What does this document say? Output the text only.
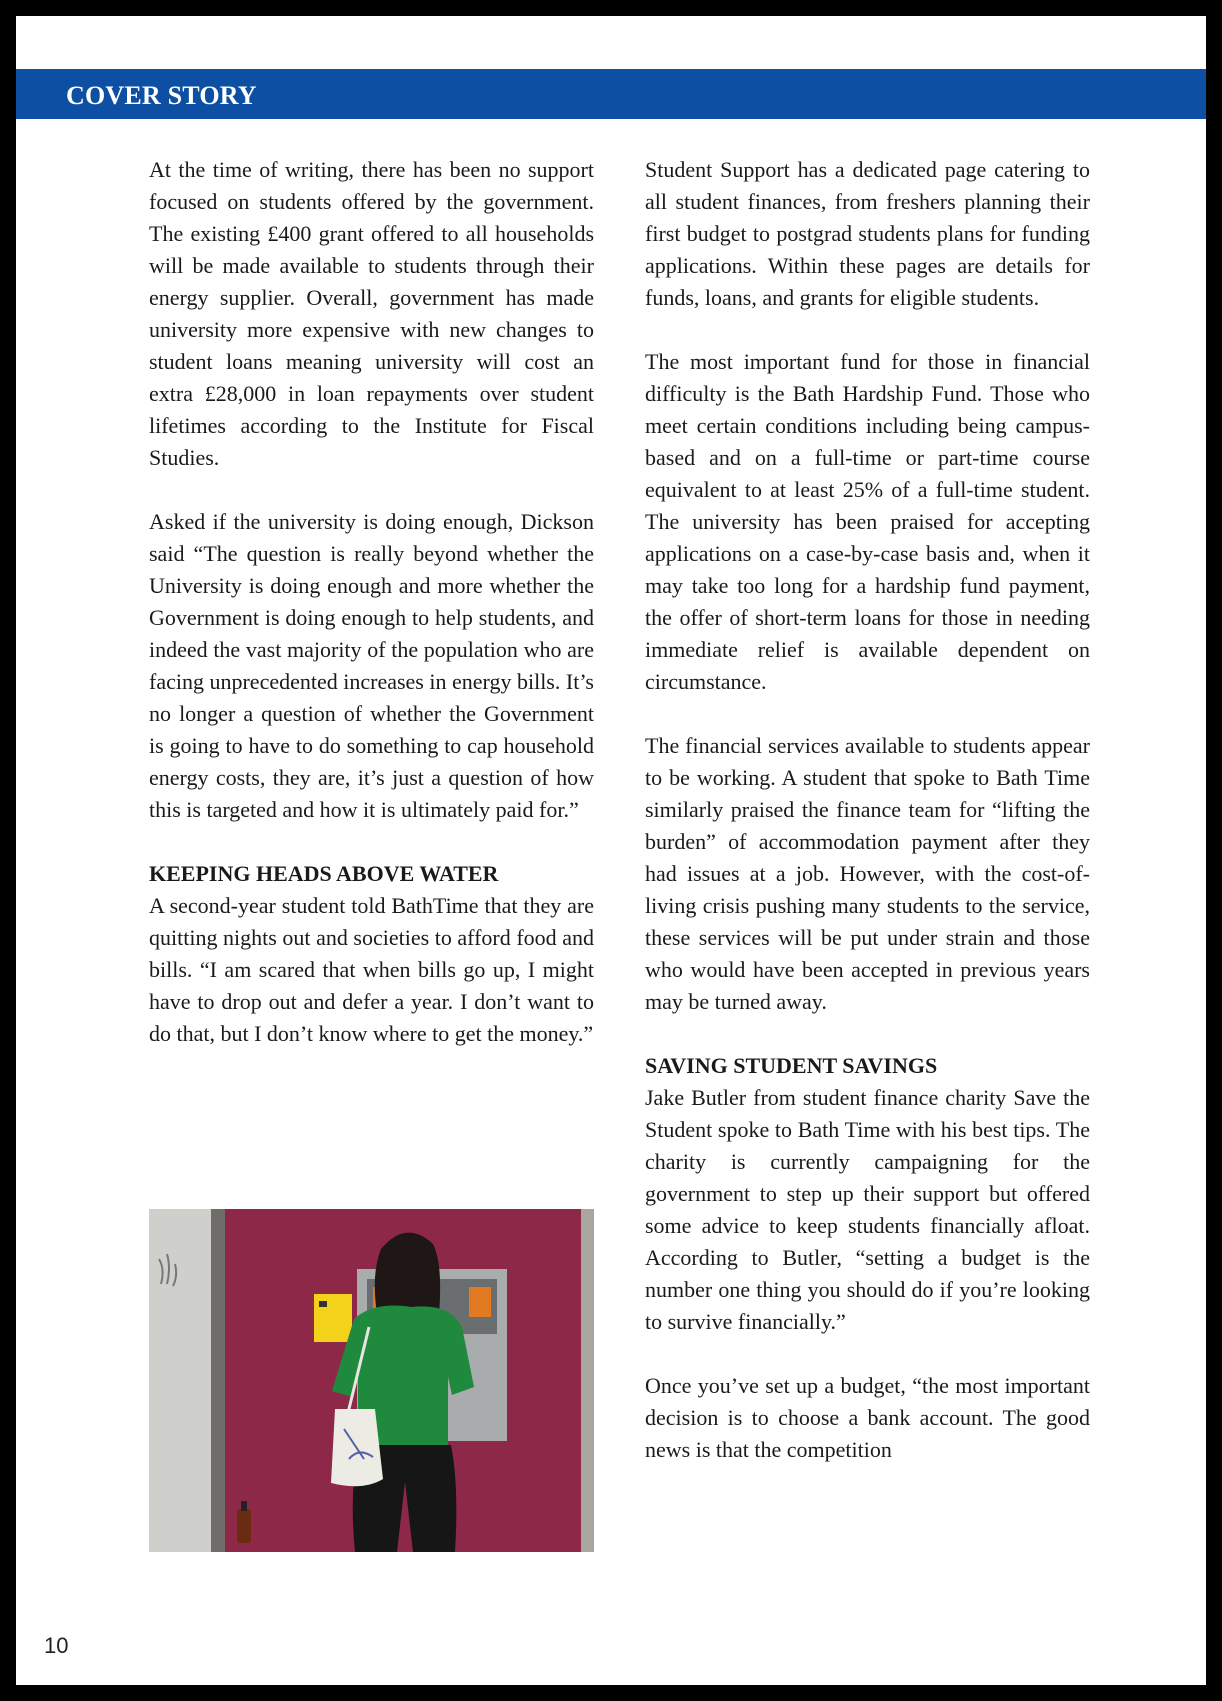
COVER STORY

At the time of writing, there has been no support focused on students offered by the government. The existing £400 grant offered to all households will be made available to students through their energy supplier. Overall, government has made university more expensive with new changes to student loans meaning university will cost an extra £28,000 in loan repayments over student lifetimes according to the Institute for Fiscal Studies.

Asked if the university is doing enough, Dickson said “The question is really beyond whether the University is doing enough and more whether the Government is doing enough to help students, and indeed the vast majority of the population who are facing unprecedented increases in energy bills. It’s no longer a question of whether the Government is going to have to do something to cap household energy costs, they are, it’s just a question of how this is targeted and how it is ultimately paid for.”

KEEPING HEADS ABOVE WATER

A second-year student told BathTime that they are quitting nights out and societies to afford food and bills. “I am scared that when bills go up, I might have to drop out and defer a year. I don’t want to do that, but I don’t know where to get the money.”

Student Support has a dedicated page catering to all student finances, from freshers planning their first budget to postgrad students plans for funding applications. Within these pages are details for funds, loans, and grants for eligible students.

The most important fund for those in financial difficulty is the Bath Hardship Fund. Those who meet certain conditions including being campus-based and on a full-time or part-time course equivalent to at least 25% of a full-time student. The university has been praised for accepting applications on a case-by-case basis and, when it may take too long for a hardship fund payment, the offer of short-term loans for those in needing immediate relief is available dependent on circumstance.

The financial services available to students appear to be working. A student that spoke to Bath Time similarly praised the finance team for “lifting the burden” of accommodation payment after they had issues at a job. However, with the cost-of-living crisis pushing many students to the service, these services will be put under strain and those who would have been accepted in previous years may be turned away.

SAVING STUDENT SAVINGS

Jake Butler from student finance charity Save the Student spoke to Bath Time with his best tips. The charity is currently campaigning for the government to step up their support but offered some advice to keep students financially afloat. According to Butler, “setting a budget is the number one thing you should do if you’re looking to survive financially.”

Once you’ve set up a budget, “the most important decision is to choose a bank account. The good news is that the competition

10
